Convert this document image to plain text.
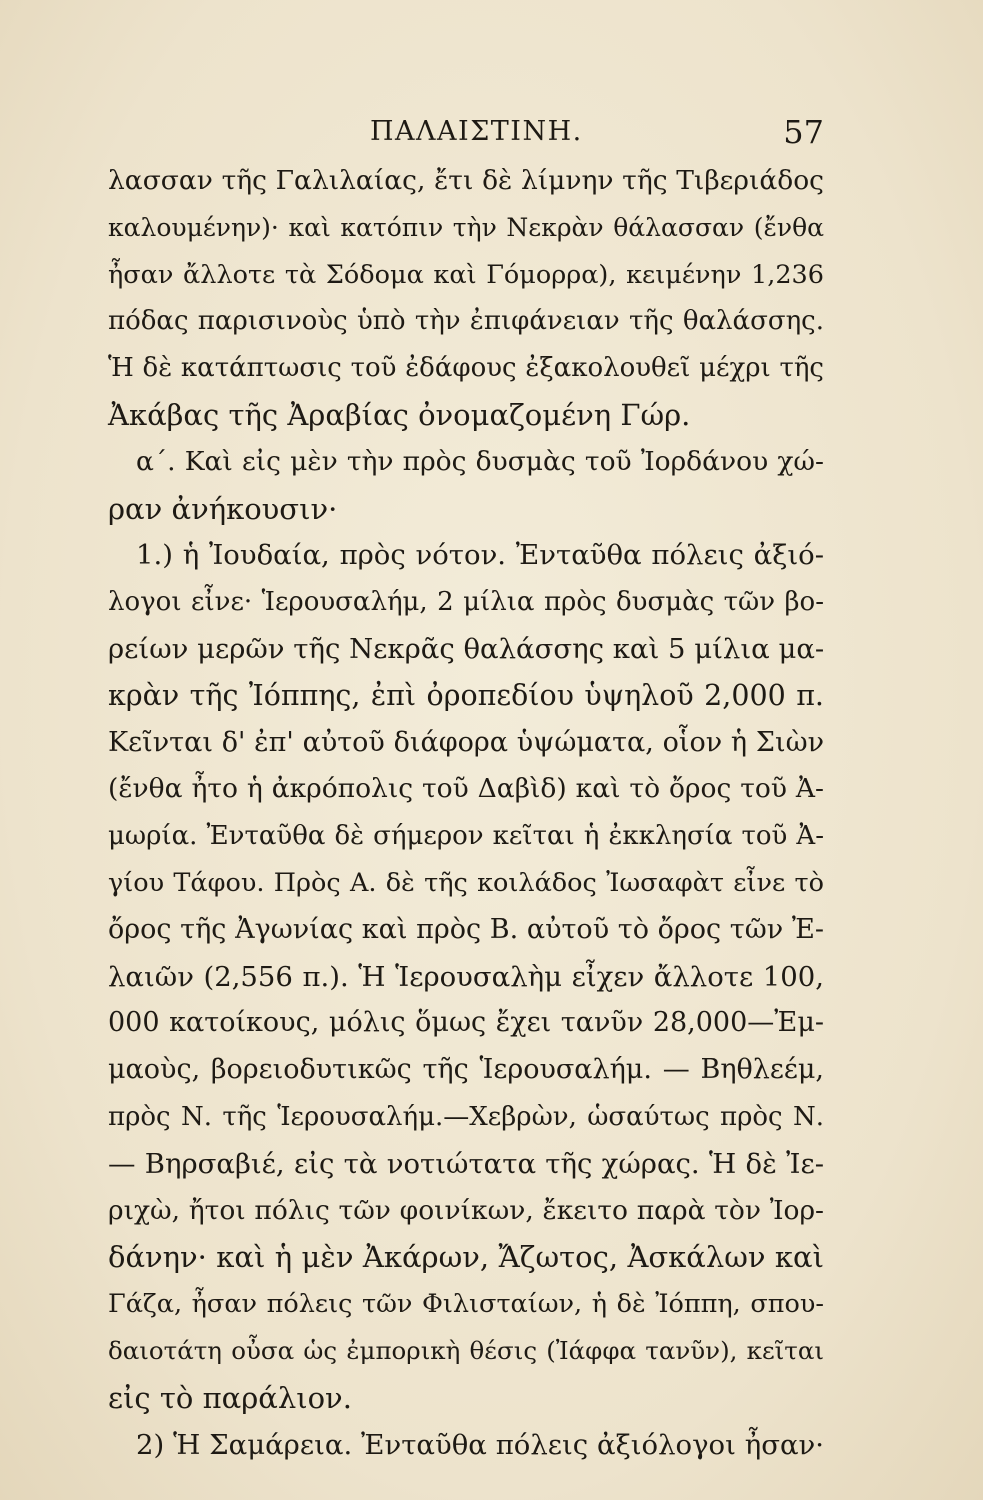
ΠΑΛΑΙΣΤΙΝΗ.	57
λασσαν τῆς Γαλιλαίας, ἔτι δὲ λίμνην τῆς Τιβεριάδος
καλουμένην)· καὶ κατόπιν τὴν Νεκρὰν θάλασσαν (ἔνθα
ἦσαν ἄλλοτε τὰ Σόδομα καὶ Γόμορρα), κειμένην 1,236
πόδας παρισινοὺς ὑπὸ τὴν ἐπιφάνειαν τῆς θαλάσσης.
Ἡ δὲ κατάπτωσις τοῦ ἐδάφους ἐξακολουθεῖ μέχρι τῆς
Ἀκάβας τῆς Ἀραβίας ὀνομαζομένη Γώρ.
α΄. Καὶ εἰς μὲν τὴν πρὸς δυσμὰς τοῦ Ἰορδάνου χώ-
ραν ἀνήκουσιν·
1.) ἡ Ἰουδαία, πρὸς νότον. Ἐνταῦθα πόλεις ἀξιό-
λογοι εἶνε· Ἱερουσαλήμ, 2 μίλια πρὸς δυσμὰς τῶν βο-
ρείων μερῶν τῆς Νεκρᾶς θαλάσσης καὶ 5 μίλια μα-
κρὰν τῆς Ἰόππης, ἐπὶ ὀροπεδίου ὑψηλοῦ 2,000 π.
Κεῖνται δ' ἐπ' αὐτοῦ διάφορα ὑψώματα, οἷον ἡ Σιὼν
(ἔνθα ἦτο ἡ ἀκρόπολις τοῦ Δαβὶδ) καὶ τὸ ὄρος τοῦ Ἀ-
μωρία. Ἐνταῦθα δὲ σήμερον κεῖται ἡ ἐκκλησία τοῦ Ἀ-
γίου Τάφου. Πρὸς Α. δὲ τῆς κοιλάδος Ἰωσαφὰτ εἶνε τὸ
ὄρος τῆς Ἀγωνίας καὶ πρὸς Β. αὐτοῦ τὸ ὄρος τῶν Ἐ-
λαιῶν (2,556 π.). Ἡ Ἱερουσαλὴμ εἶχεν ἄλλοτε 100,
000 κατοίκους, μόλις ὅμως ἔχει τανῦν 28,000—Ἐμ-
μαοὺς, βορειοδυτικῶς τῆς Ἱερουσαλήμ. — Βηθλεέμ,
πρὸς Ν. τῆς Ἱερουσαλήμ.—Χεβρὼν, ὡσαύτως πρὸς Ν.
— Βηρσαβιέ, εἰς τὰ νοτιώτατα τῆς χώρας. Ἡ δὲ Ἰε-
ριχὼ, ἤτοι πόλις τῶν φοινίκων, ἔκειτο παρὰ τὸν Ἰορ-
δάνην· καὶ ἡ μὲν Ἀκάρων, Ἄζωτος, Ἀσκάλων καὶ
Γάζα, ἦσαν πόλεις τῶν Φιλισταίων, ἡ δὲ Ἰόππη, σπου-
δαιοτάτη οὖσα ὡς ἐμπορικὴ θέσις (Ἰάφφα τανῦν), κεῖται
εἰς τὸ παράλιον.
2) Ἡ Σαμάρεια. Ἐνταῦθα πόλεις ἀξιόλογοι ἦσαν·
